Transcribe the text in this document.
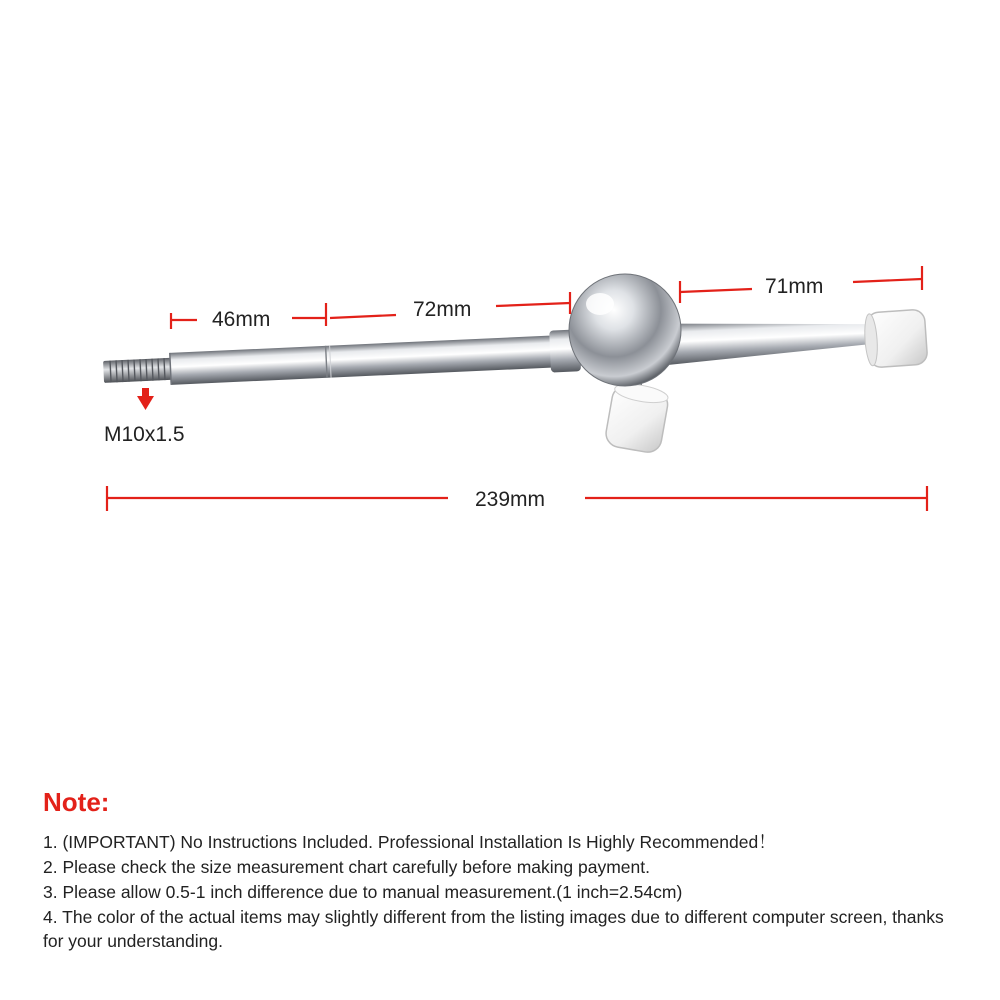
46mm	72mm
71mm
239mm
M10x1.5
Note:
1. (IMPORTANT) No Instructions Included. Professional Installation Is Highly Recommended！
2. Please check the size measurement chart carefully before making payment.
3. Please allow 0.5-1 inch difference due to manual measurement.(1 inch=2.54cm)
4. The color of the actual items may slightly different from the listing images due to different computer screen, thanks for your understanding.
